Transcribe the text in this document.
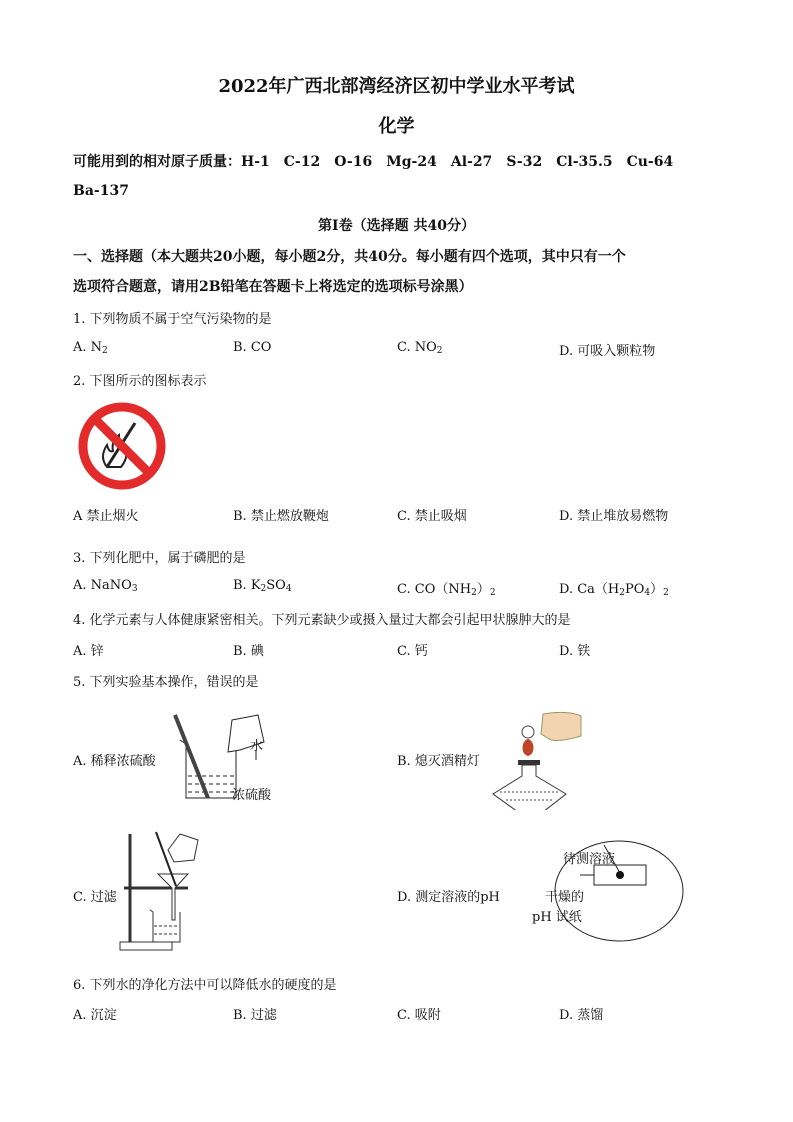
2022年广西北部湾经济区初中学业水平考试
化学
可能用到的相对原子质量：H-1 C-12 O-16 Mg-24 Al-27 S-32 Cl-35.5 Cu-64
Ba-137
第I卷（选择题 共40分）
一、选择题（本大题共20小题，每小题2分，共40分。每小题有四个选项，其中只有一个
选项符合题意，请用2B铅笔在答题卡上将选定的选项标号涂黑）
1. 下列物质不属于空气污染物的是
A. $N_2$	B. CO	C. $NO_2$	D. 可吸入颗粒物
2. 下图所示的图标表示
A 禁止烟火	B. 禁止燃放鞭炮	C. 禁止吸烟	D. 禁止堆放易燃物
3. 下列化肥中，属于磷肥的是
A. NaNO$_3$	B. $K_2SO_4$	C. $CO(NH_2)_2$	D. $Ca(H_2PO_4)_2$
4. 化学元素与人体健康紧密相关。下列元素缺少或摄入量过大都会引起甲状腺肿大的是
A. 锌	B. 碘	C. 钙	D. 铁
5. 下列实验基本操作，错误的是
A. 稀释浓硫酸	B. 熄灭酒精灯
C. 过滤	D. 测定溶液的pH
6. 下列水的净化方法中可以降低水的硬度的是
A. 沉淀	B. 过滤	C. 吸附	D. 蒸馏
水
浓硫酸
待测溶液
干燥的
pH 试纸
